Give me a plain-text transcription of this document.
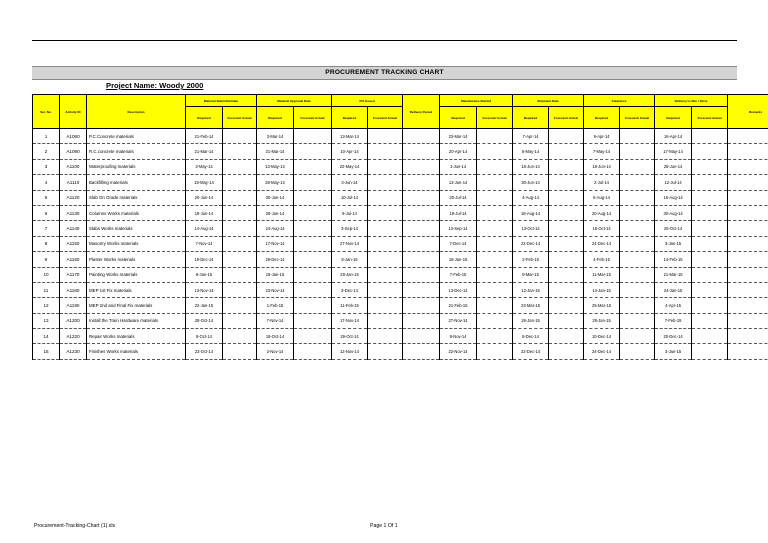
PROCUREMENT TRACKING CHART
Project Name: Woody 2000
Ser. No.	Activity ID	Description	Material Submittal Date		Material Approval Date		PO Issued		Delivery Period	Manufacture Started		Shipment Date		Clearance		Delivery to Site / Store		Remarks
			Required	Forecast/ Actual	Required	Forecast/ Actual	Required	Forecast/ Actual		Required	Forecast/ Actual	Required	Forecast/ Actual	Required	Forecast/ Actual	Required	Forecast/ Actual	
1	A1060	P.C.Concrete materials	21-Feb-14		3-Mar-14		13-Mar-14			23-Mar-14		7-Apr-14		9-Apr-14		16-Apr-14		
2	A1090	R.C.concrete materials	21-Mar-14		31-Mar-14		10-Apr-14			20-Apr-14		5-May-14		7-May-14		17-May-14		
3	A1100	Waterproofing materials	3-May-14		13-May-14		22-May-14			1-Jun-14		16-Jun-14		18-Jun-14		28-Jun-14		
4	A1110	Backfilling materials	18-May-14		28-May-14		3-Jun-14			13-Jun-14		30-Jun-14		2-Jul-14		12-Jul-14		
5	A1120	Slab On Grade materials	20-Jun-14		30-Jun-14		10-Jul-14			20-Jul-14		4-Aug-14		6-Aug-14		16-Aug-14		
6	A1130	Columns Works materials	19-Jun-14		29-Jun-14		9-Jul-14			19-Jul-14		18-Aug-14		20-Aug-14		30-Aug-14		
7	A1140	Slabs Works materials	14-Aug-14		24-Aug-14		3-Sep-14			13-Sep-14		13-Oct-14		15-Oct-14		25-Oct-14		
8	A1150	Masonry Works materials	7-Nov-14		17-Nov-14		27-Nov-14			7-Dec-14		22-Dec-14		24-Dec-14		3-Jan-15		
9	A1160	Plaster Works materials	19-Dec-14		29-Dec-14		8-Jan-15			18-Jan-15		2-Feb-15		4-Feb-15		14-Feb-15		
10	A1170	Painting Works materials	8-Jan-15		18-Jan-15		28-Jan-15			7-Feb-15		9-Mar-15		11-Mar-15		21-Mar-15		
11	A1180	MEP 1st Fix materials	13-Nov-14		23-Nov-14		3-Dec-14			13-Dec-14		12-Jan-15		14-Jan-15		24-Jan-15		
12	A1190	MEP 2nd and Final Fix materials	22-Jan-15		1-Feb-15		11-Feb-15			21-Feb-15		23-Mar-15		25-Mar-15		4-Apr-15		
13	A1200	Install the Train Hardware materials	28-Oct-14		7-Nov-14		17-Nov-14			27-Nov-14		26-Jan-15		28-Jan-15		7-Feb-15		
14	A1220	Repair Works materials	9-Oct-14		19-Oct-14		29-Oct-14			8-Nov-14		8-Dec-14		10-Dec-14		20-Dec-14		
15	A1230	Finishes Works materials	23-Oct-14		2-Nov-14		12-Nov-14			22-Nov-14		22-Dec-14		24-Dec-14		3-Jan-15		
Procurement-Tracking-Chart (1).xls	Page 1 Of 1
